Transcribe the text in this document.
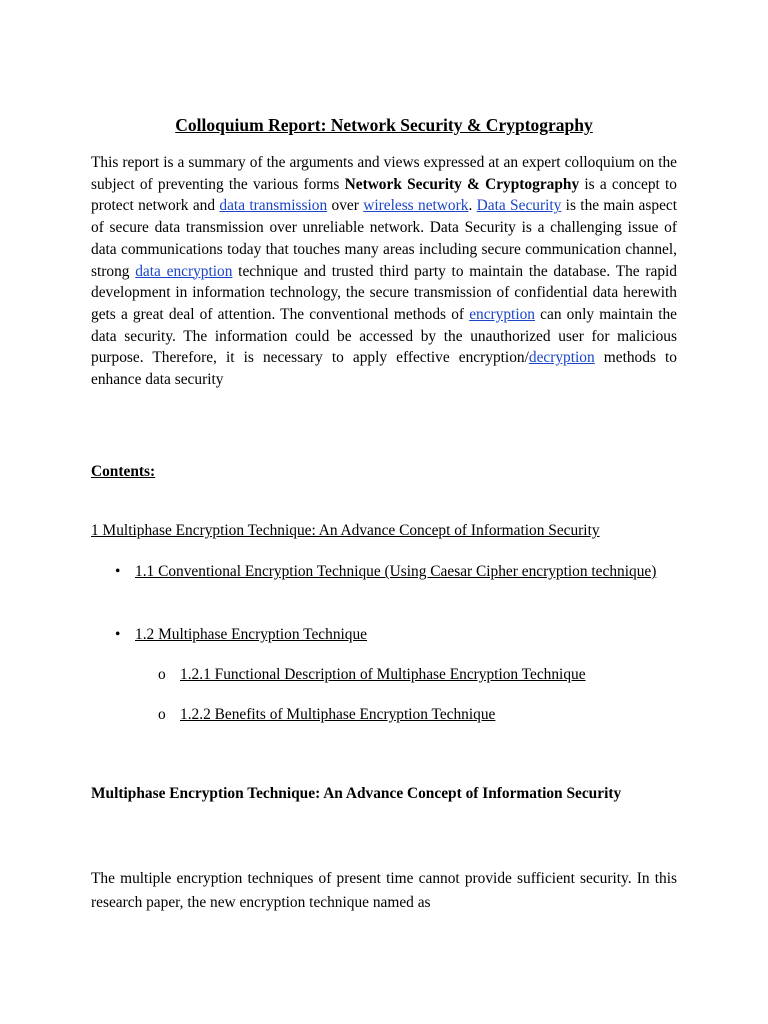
Colloquium Report: Network Security & Cryptography

This report is a summary of the arguments and views expressed at an expert colloquium on the subject of preventing the various forms Network Security & Cryptography is a concept to protect network and data transmission over wireless network. Data Security is the main aspect of secure data transmission over unreliable network. Data Security is a challenging issue of data communications today that touches many areas including secure communication channel, strong data encryption technique and trusted third party to maintain the database. The rapid development in information technology, the secure transmission of confidential data herewith gets a great deal of attention. The conventional methods of encryption can only maintain the data security. The information could be accessed by the unauthorized user for malicious purpose. Therefore, it is necessary to apply effective encryption/decryption methods to enhance data security

Contents:

1 Multiphase Encryption Technique: An Advance Concept of Information Security

• 1.1 Conventional Encryption Technique (Using Caesar Cipher encryption technique)
• 1.2 Multiphase Encryption Technique
o 1.2.1 Functional Description of Multiphase Encryption Technique
o 1.2.2 Benefits of Multiphase Encryption Technique

Multiphase Encryption Technique: An Advance Concept of Information Security

The multiple encryption techniques of present time cannot provide sufficient security. In this research paper, the new encryption technique named as
